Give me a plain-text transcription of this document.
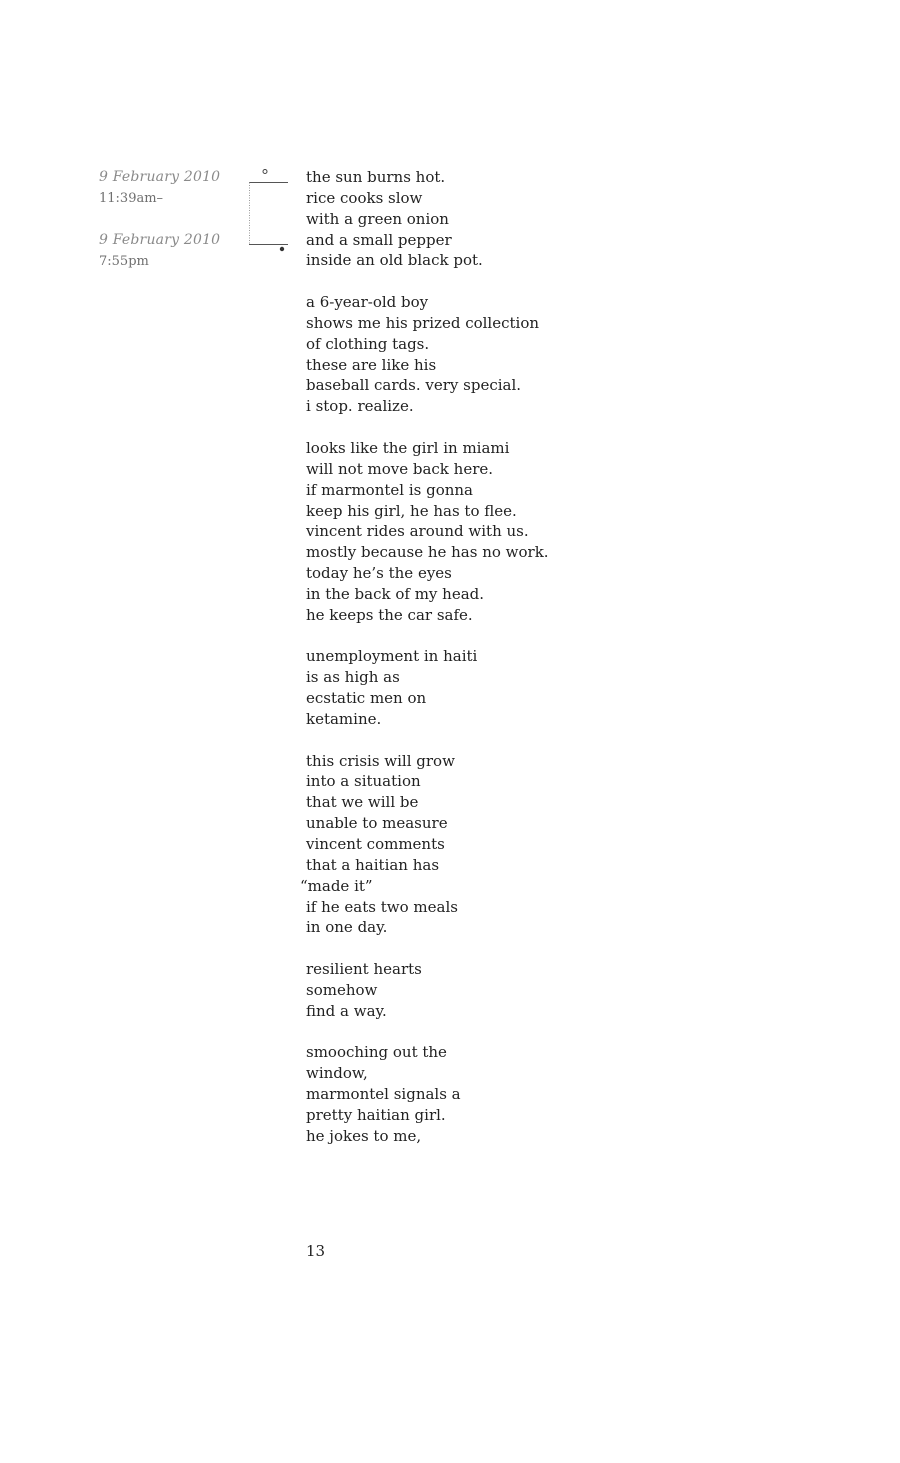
9 February 2010
11:39am–
9 February 2010
7:55pm
the sun burns hot.
rice cooks slow
with a green onion
and a small pepper
inside an old black pot.
a 6-year-old boy
shows me his prized collection
of clothing tags.
these are like his
baseball cards. very special.
i stop. realize.
looks like the girl in miami
will not move back here.
if marmontel is gonna
keep his girl, he has to flee.
vincent rides around with us.
mostly because he has no work.
today he’s the eyes
in the back of my head.
he keeps the car safe.
unemployment in haiti
is as high as
ecstatic men on
ketamine.
this crisis will grow
into a situation
that we will be
unable to measure
vincent comments
that a haitian has
“made it”
if he eats two meals
in one day.
resilient hearts
somehow
find a way.
smooching out the
window,
marmontel signals a
pretty haitian girl.
he jokes to me,
13
